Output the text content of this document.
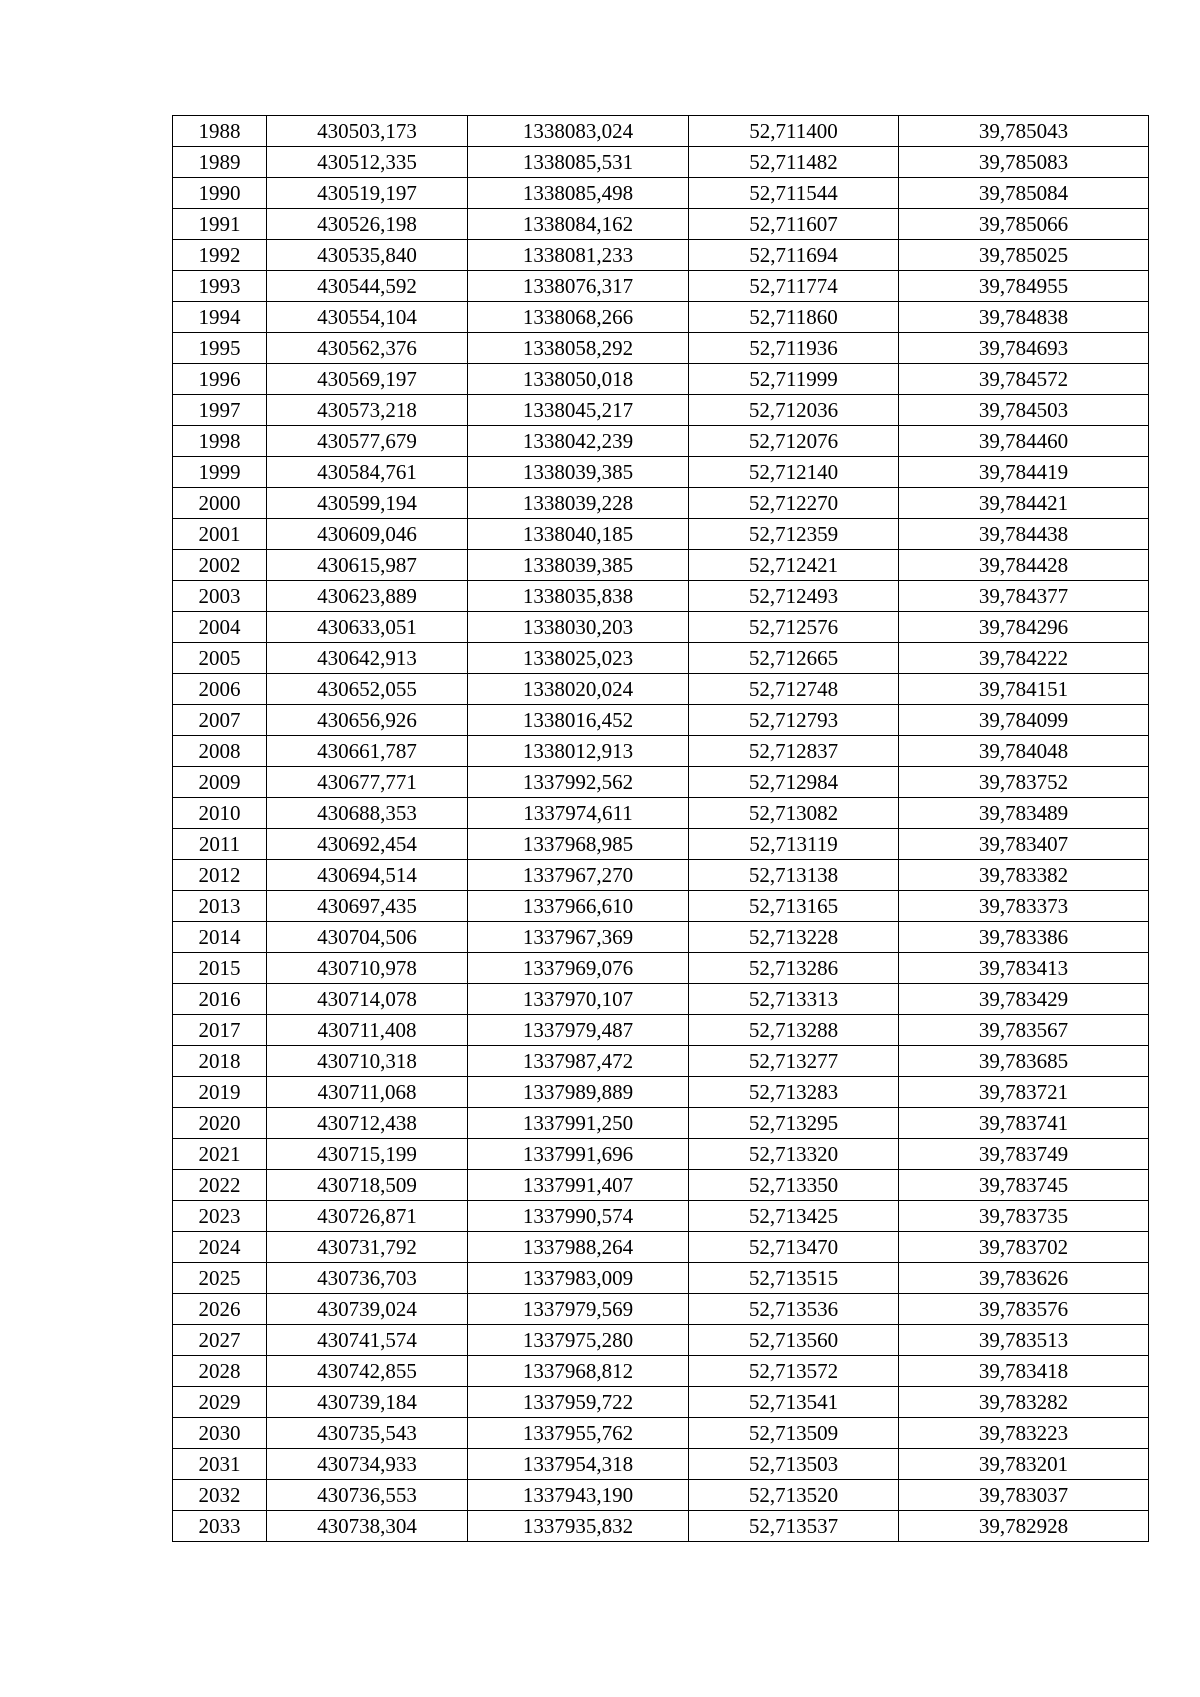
1988	430503,173	1338083,024	52,711400	39,785043
1989	430512,335	1338085,531	52,711482	39,785083
1990	430519,197	1338085,498	52,711544	39,785084
1991	430526,198	1338084,162	52,711607	39,785066
1992	430535,840	1338081,233	52,711694	39,785025
1993	430544,592	1338076,317	52,711774	39,784955
1994	430554,104	1338068,266	52,711860	39,784838
1995	430562,376	1338058,292	52,711936	39,784693
1996	430569,197	1338050,018	52,711999	39,784572
1997	430573,218	1338045,217	52,712036	39,784503
1998	430577,679	1338042,239	52,712076	39,784460
1999	430584,761	1338039,385	52,712140	39,784419
2000	430599,194	1338039,228	52,712270	39,784421
2001	430609,046	1338040,185	52,712359	39,784438
2002	430615,987	1338039,385	52,712421	39,784428
2003	430623,889	1338035,838	52,712493	39,784377
2004	430633,051	1338030,203	52,712576	39,784296
2005	430642,913	1338025,023	52,712665	39,784222
2006	430652,055	1338020,024	52,712748	39,784151
2007	430656,926	1338016,452	52,712793	39,784099
2008	430661,787	1338012,913	52,712837	39,784048
2009	430677,771	1337992,562	52,712984	39,783752
2010	430688,353	1337974,611	52,713082	39,783489
2011	430692,454	1337968,985	52,713119	39,783407
2012	430694,514	1337967,270	52,713138	39,783382
2013	430697,435	1337966,610	52,713165	39,783373
2014	430704,506	1337967,369	52,713228	39,783386
2015	430710,978	1337969,076	52,713286	39,783413
2016	430714,078	1337970,107	52,713313	39,783429
2017	430711,408	1337979,487	52,713288	39,783567
2018	430710,318	1337987,472	52,713277	39,783685
2019	430711,068	1337989,889	52,713283	39,783721
2020	430712,438	1337991,250	52,713295	39,783741
2021	430715,199	1337991,696	52,713320	39,783749
2022	430718,509	1337991,407	52,713350	39,783745
2023	430726,871	1337990,574	52,713425	39,783735
2024	430731,792	1337988,264	52,713470	39,783702
2025	430736,703	1337983,009	52,713515	39,783626
2026	430739,024	1337979,569	52,713536	39,783576
2027	430741,574	1337975,280	52,713560	39,783513
2028	430742,855	1337968,812	52,713572	39,783418
2029	430739,184	1337959,722	52,713541	39,783282
2030	430735,543	1337955,762	52,713509	39,783223
2031	430734,933	1337954,318	52,713503	39,783201
2032	430736,553	1337943,190	52,713520	39,783037
2033	430738,304	1337935,832	52,713537	39,782928
